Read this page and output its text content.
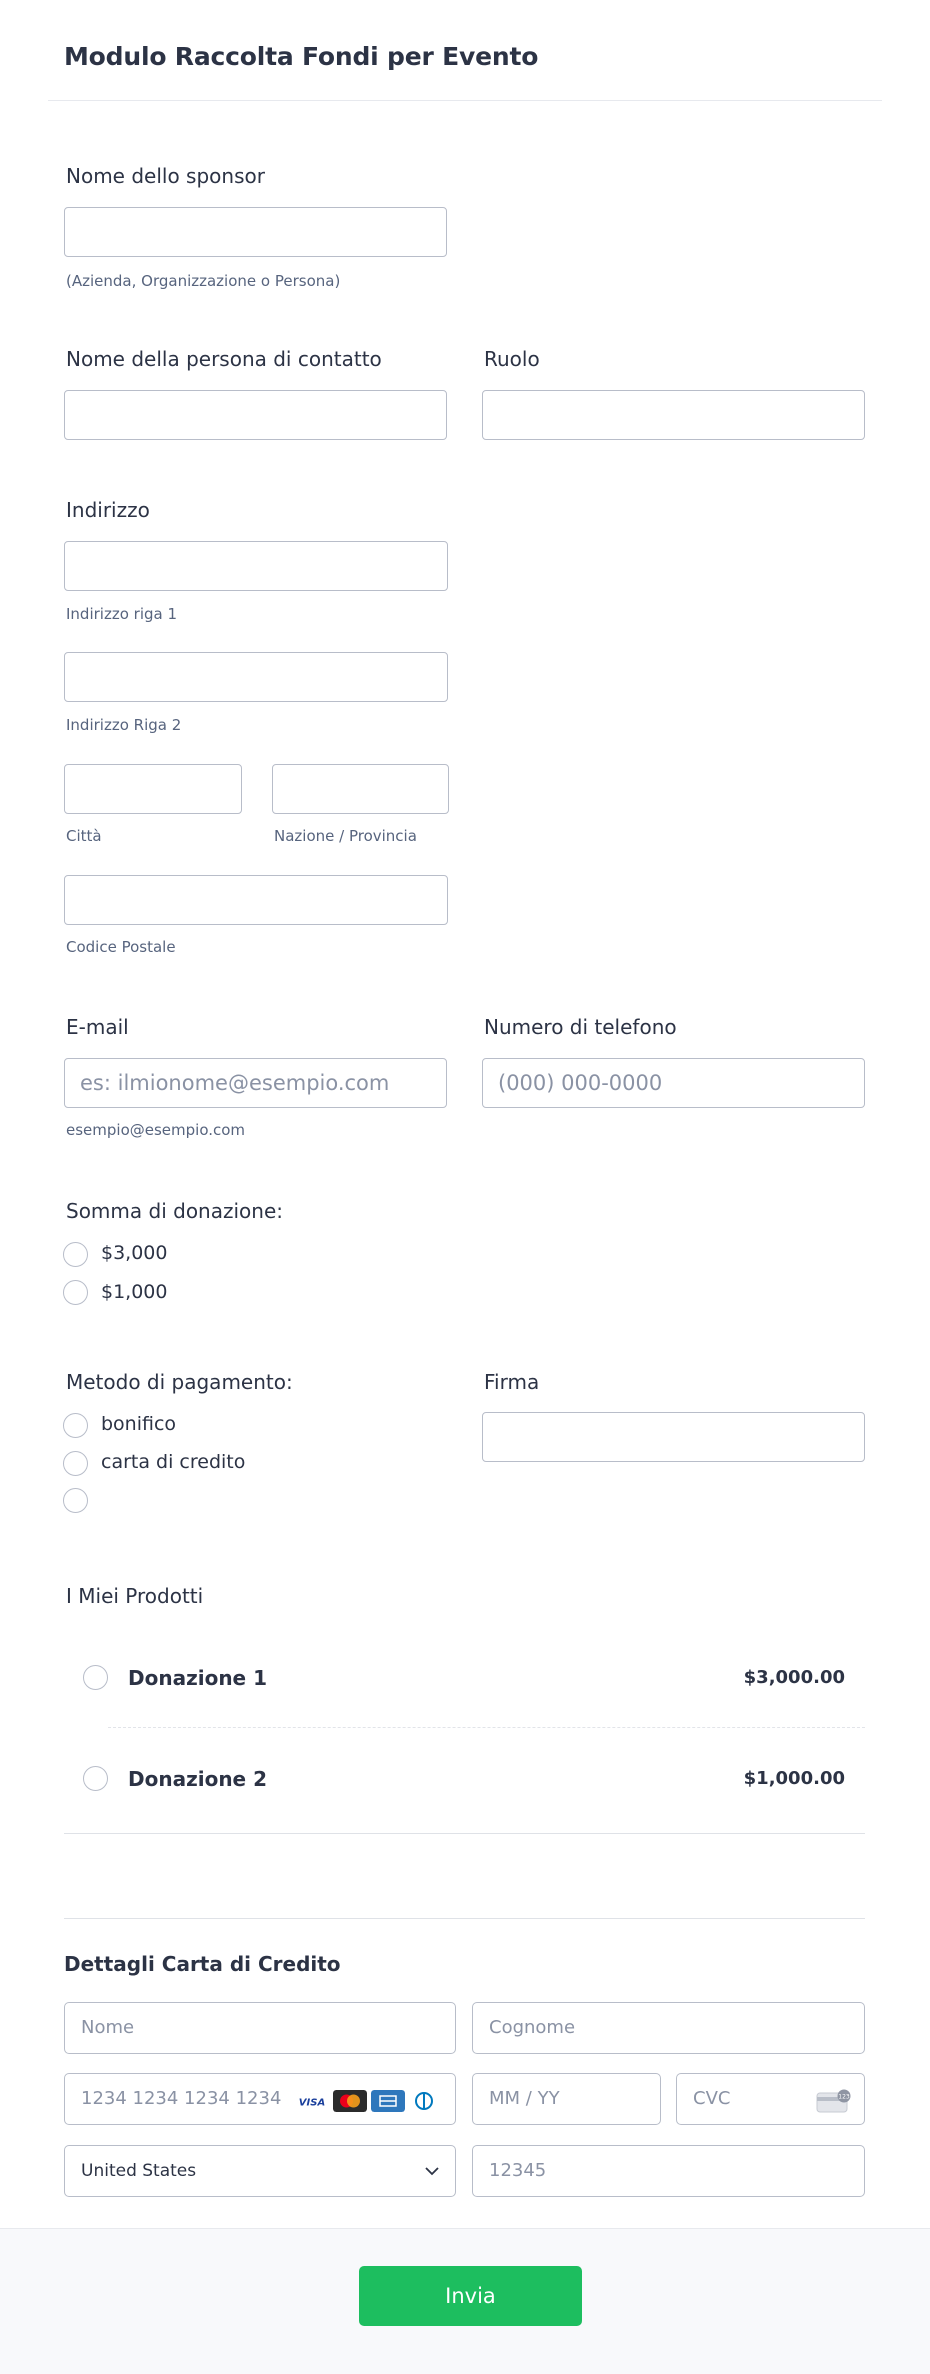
Modulo Raccolta Fondi per Evento
Nome dello sponsor
(Azienda, Organizzazione o Persona)
Nome della persona di contatto	Ruolo
Indirizzo
Indirizzo riga 1
Indirizzo Riga 2
Città	Nazione / Provincia
Codice Postale
E-mail
es: ilmionome@esempio.com
esempio@esempio.com
Numero di telefono
(000) 000-0000
Somma di donazione:
$3,000
$1,000
Metodo di pagamento:
bonifico
carta di credito
Firma
I Miei Prodotti
Donazione 1	$3,000.00
Donazione 2	$1,000.00
Dettagli Carta di Credito
Nome	Cognome
1234 1234 1234 1234	VISA	MM / YY	CVC	123
United States	12345
Invia
